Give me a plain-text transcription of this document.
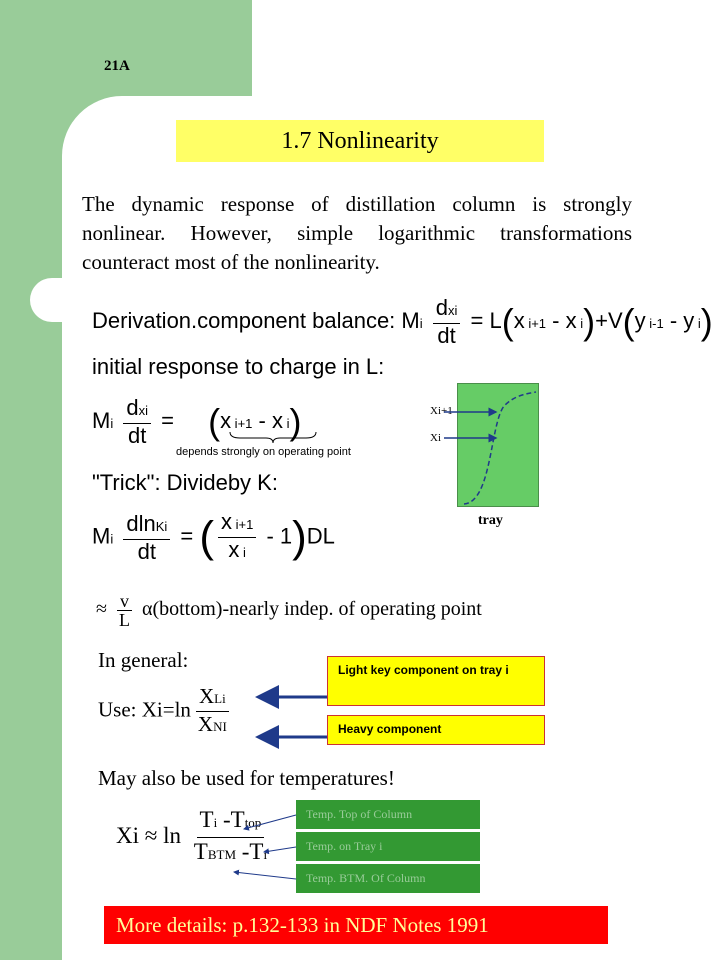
21A
1.7 Nonlinearity
The dynamic response of distillation column is strongly nonlinear. However, simple logarithmic transformations counteract most of the nonlinearity.
Derivation.component balance: Mi $\frac{\text{dxi}}{dt} = L(x$ i+1 - x i)+V(y i-1 - y i)
initial response to charge in L:
Mi $\frac{\text{dxi}}{dt} = (x$ i+1 - x i)
depends strongly on operating point
"Trick": Divideby K:
Mi $\frac{\text{dlnKi}}{dt}$ = ( $\frac{\text{x i+1}}{\text{x i}} - 1)DL$
≈ $\frac{v}{L}$ α(bottom)-nearly indep. of operating point
In general:
Use: $Xi=\ln \frac{\text{XLi}}{\text{XNI}}$
May also be used for temperatures!
$Xi \approx \ln \frac{\text{Ti -Ttop}}{\text{TBTM -Ti}}$
Xi+1
Xi
tray
Light key component on tray i
Heavy component
Temp. Top of Column
Temp. on Tray i
Temp. BTM. Of Column
More details: p.132-133 in NDF Notes 1991
